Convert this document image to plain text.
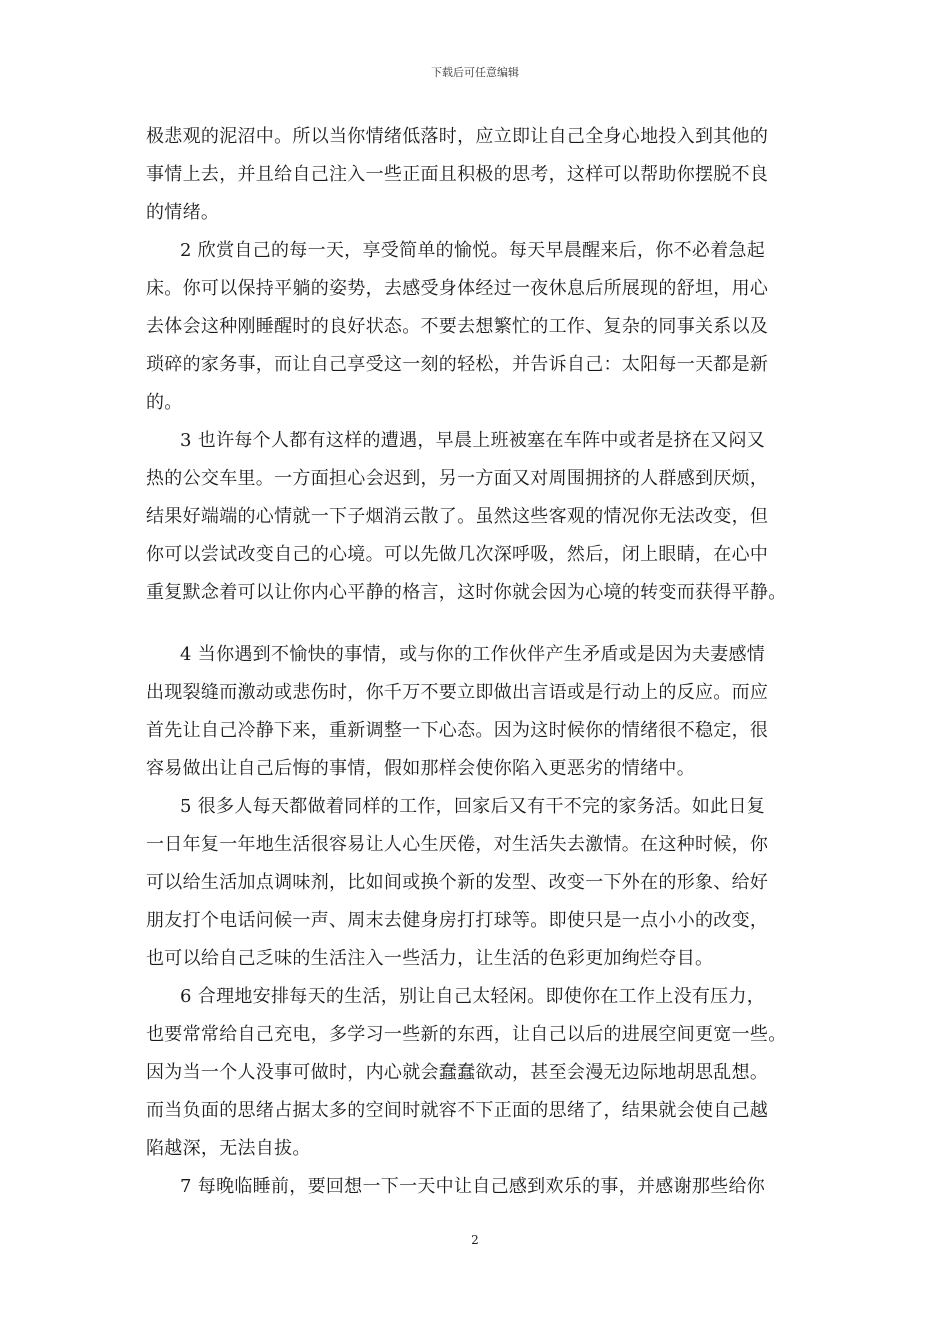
下载后可任意编辑
极悲观的泥沼中。所以当你情绪低落时，应立即让自己全身心地投入到其他的
事情上去，并且给自己注入一些正面且积极的思考，这样可以帮助你摆脱不良
的情绪。
2 欣赏自己的每一天，享受简单的愉悦。每天早晨醒来后，你不必着急起
床。你可以保持平躺的姿势，去感受身体经过一夜休息后所展现的舒坦，用心
去体会这种刚睡醒时的良好状态。不要去想繁忙的工作、复杂的同事关系以及
琐碎的家务事，而让自己享受这一刻的轻松，并告诉自己：太阳每一天都是新
的。
3 也许每个人都有这样的遭遇，早晨上班被塞在车阵中或者是挤在又闷又
热的公交车里。一方面担心会迟到，另一方面又对周围拥挤的人群感到厌烦，
结果好端端的心情就一下子烟消云散了。虽然这些客观的情况你无法改变，但
你可以尝试改变自己的心境。可以先做几次深呼吸，然后，闭上眼睛，在心中
重复默念着可以让你内心平静的格言，这时你就会因为心境的转变而获得平静。
4 当你遇到不愉快的事情，或与你的工作伙伴产生矛盾或是因为夫妻感情
出现裂缝而激动或悲伤时，你千万不要立即做出言语或是行动上的反应。而应
首先让自己冷静下来，重新调整一下心态。因为这时候你的情绪很不稳定，很
容易做出让自己后悔的事情，假如那样会使你陷入更恶劣的情绪中。
5 很多人每天都做着同样的工作，回家后又有干不完的家务活。如此日复
一日年复一年地生活很容易让人心生厌倦，对生活失去激情。在这种时候，你
可以给生活加点调味剂，比如间或换个新的发型、改变一下外在的形象、给好
朋友打个电话问候一声、周末去健身房打打球等。即使只是一点小小的改变，
也可以给自己乏味的生活注入一些活力，让生活的色彩更加绚烂夺目。
6 合理地安排每天的生活，别让自己太轻闲。即使你在工作上没有压力，
也要常常给自己充电，多学习一些新的东西，让自己以后的进展空间更宽一些。
因为当一个人没事可做时，内心就会蠢蠢欲动，甚至会漫无边际地胡思乱想。
而当负面的思绪占据太多的空间时就容不下正面的思绪了，结果就会使自己越
陷越深，无法自拔。
7 每晚临睡前，要回想一下一天中让自己感到欢乐的事，并感谢那些给你
2
